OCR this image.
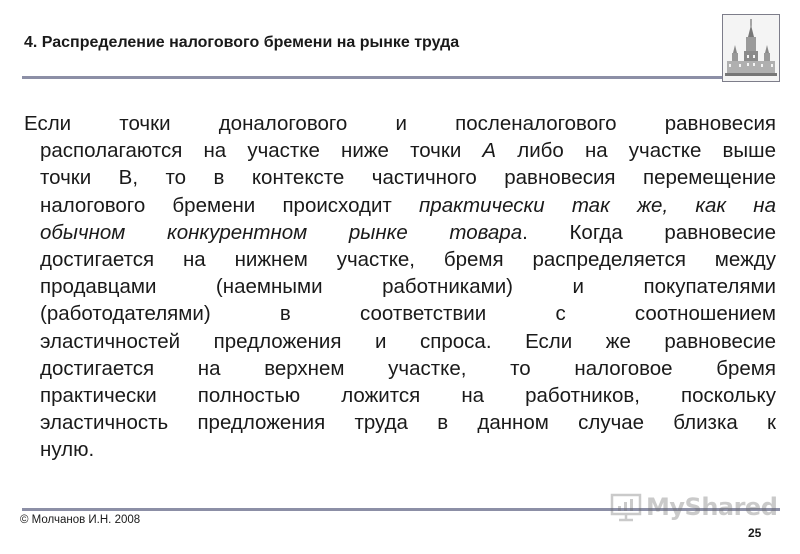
4. Распределение налогового бремени на рынке труда
Если точки доналогового и посленалогового равновесия
располагаются на участке ниже точки А либо на участке выше
точки B, то в контексте частичного равновесия перемещение
налогового бремени происходит практически так же, как на
обычном конкурентном рынке товара. Когда равновесие
достигается на нижнем участке, бремя распределяется между
продавцами (наемными работниками) и покупателями
(работодателями) в соответствии с соотношением
эластичностей предложения и спроса. Если же равновесие
достигается на верхнем участке, то налоговое бремя
практически полностью ложится на работников, поскольку
эластичность предложения труда в данном случае близка к
нулю.
MyShared
© Молчанов И.Н. 2008
25
